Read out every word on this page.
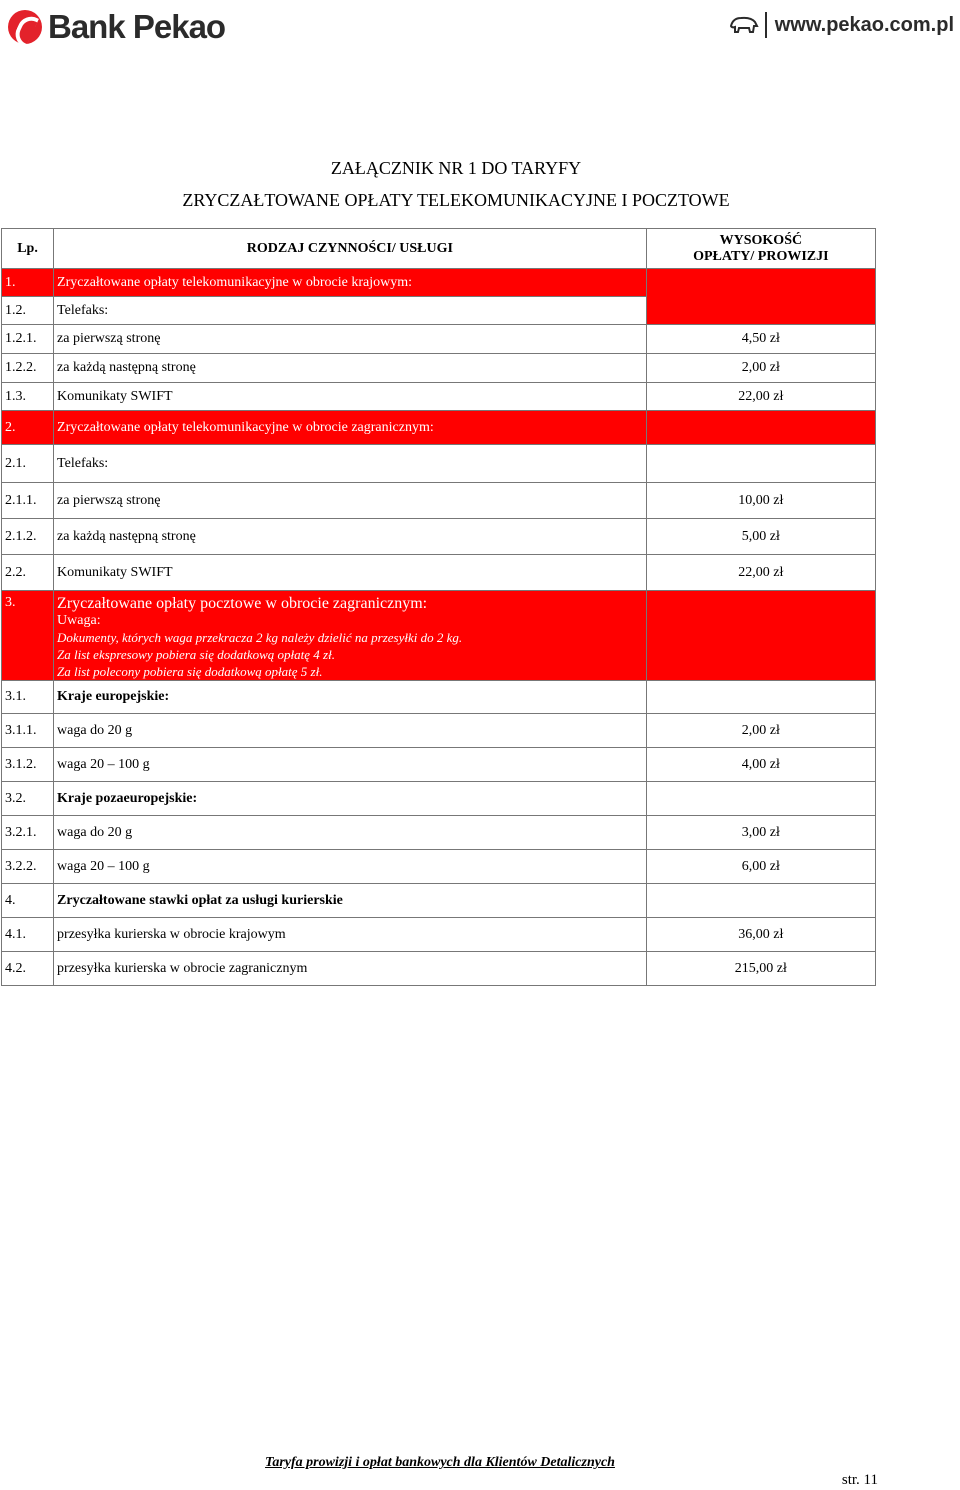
Bank Pekao	www.pekao.com.pl
ZAŁĄCZNIK NR 1 DO TARYFY
ZRYCZAŁTOWANE OPŁATY TELEKOMUNIKACYJNE I POCZTOWE
Lp.	RODZAJ CZYNNOŚCI/ USŁUGI	WYSOKOŚĆ
OPŁATY/ PROWIZJI
1.	Zryczałtowane opłaty telekomunikacyjne w obrocie krajowym:	
1.2.	Telefaks:	
1.2.1.	za pierwszą stronę	4,50 zł
1.2.2.	za każdą następną stronę	2,00 zł
1.3.	Komunikaty SWIFT	22,00 zł
2.	Zryczałtowane opłaty telekomunikacyjne w obrocie zagranicznym:	
2.1.	Telefaks:	
2.1.1.	za pierwszą stronę	10,00 zł
2.1.2.	za każdą następną stronę	5,00 zł
2.2.	Komunikaty SWIFT	22,00 zł
3.	Zryczałtowane opłaty pocztowe w obrocie zagranicznym:
Uwaga:
Dokumenty, których waga przekracza 2 kg należy dzielić na przesyłki do 2 kg.
Za list ekspresowy pobiera się dodatkową opłatę 4 zł.
Za list polecony pobiera się dodatkową opłatę 5 zł.	

3.1.	Kraje europejskie:	
3.1.1.	waga do 20 g	2,00 zł
3.1.2.	waga 20 – 100 g	4,00 zł
3.2.	Kraje pozaeuropejskie:	
3.2.1.	waga do 20 g	3,00 zł
3.2.2.	waga 20 – 100 g	6,00 zł
4.	Zryczałtowane stawki opłat za usługi kurierskie	
4.1.	przesyłka kurierska w obrocie krajowym	36,00 zł
4.2.	przesyłka kurierska w obrocie zagranicznym	215,00 zł
Taryfa prowizji i opłat bankowych dla Klientów Detalicznych
str. 11
